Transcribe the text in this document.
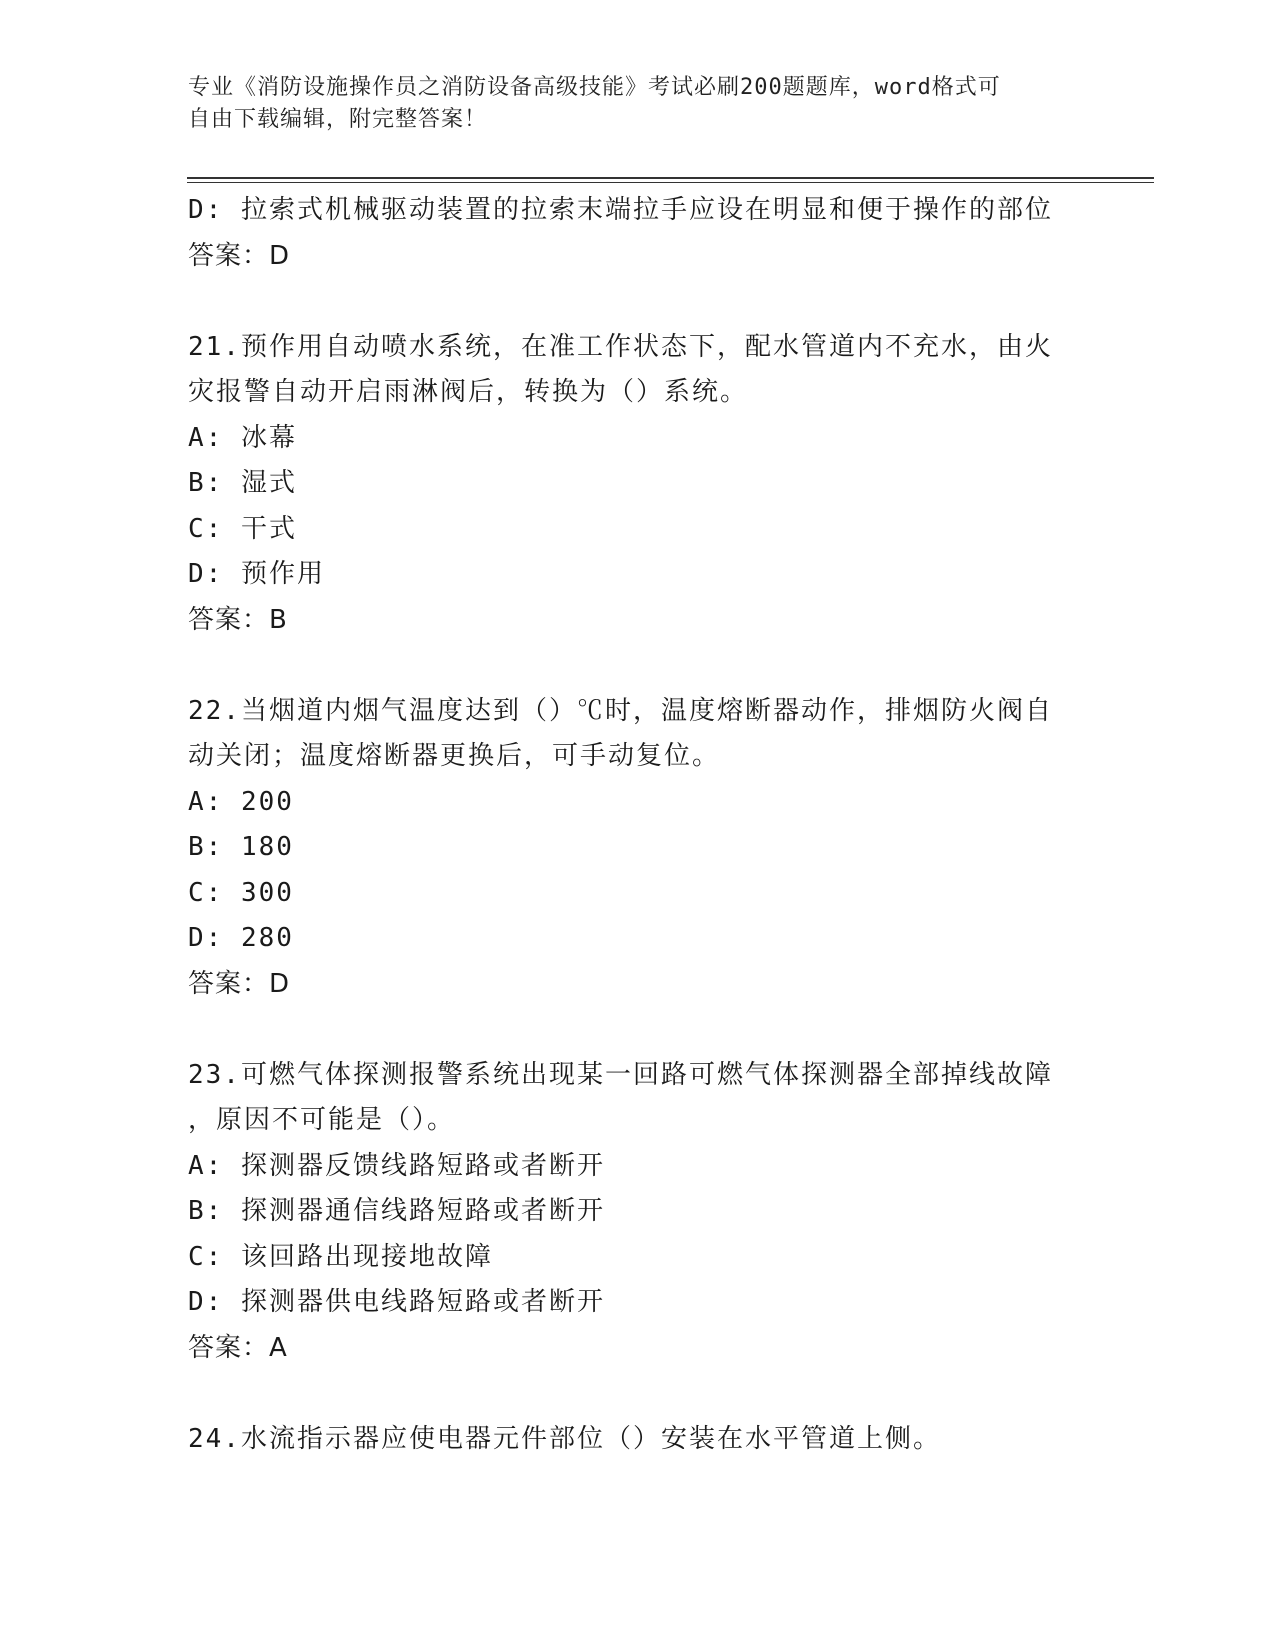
专业《消防设施操作员之消防设备高级技能》考试必刷200题题库，word格式可
自由下载编辑，附完整答案！
D: 拉索式机械驱动装置的拉索末端拉手应设在明显和便于操作的部位
答案：D
21.预作用自动喷水系统，在准工作状态下，配水管道内不充水，由火
灾报警自动开启雨淋阀后，转换为（）系统。
A: 冰幕
B: 湿式
C: 干式
D: 预作用
答案：B
22.当烟道内烟气温度达到（）℃时，温度熔断器动作，排烟防火阀自
动关闭；温度熔断器更换后，可手动复位。
A: 200
B: 180
C: 300
D: 280
答案：D
23.可燃气体探测报警系统出现某一回路可燃气体探测器全部掉线故障
，原因不可能是（）。
A: 探测器反馈线路短路或者断开
B: 探测器通信线路短路或者断开
C: 该回路出现接地故障
D: 探测器供电线路短路或者断开
答案：A
24.水流指示器应使电器元件部位（）安装在水平管道上侧。
